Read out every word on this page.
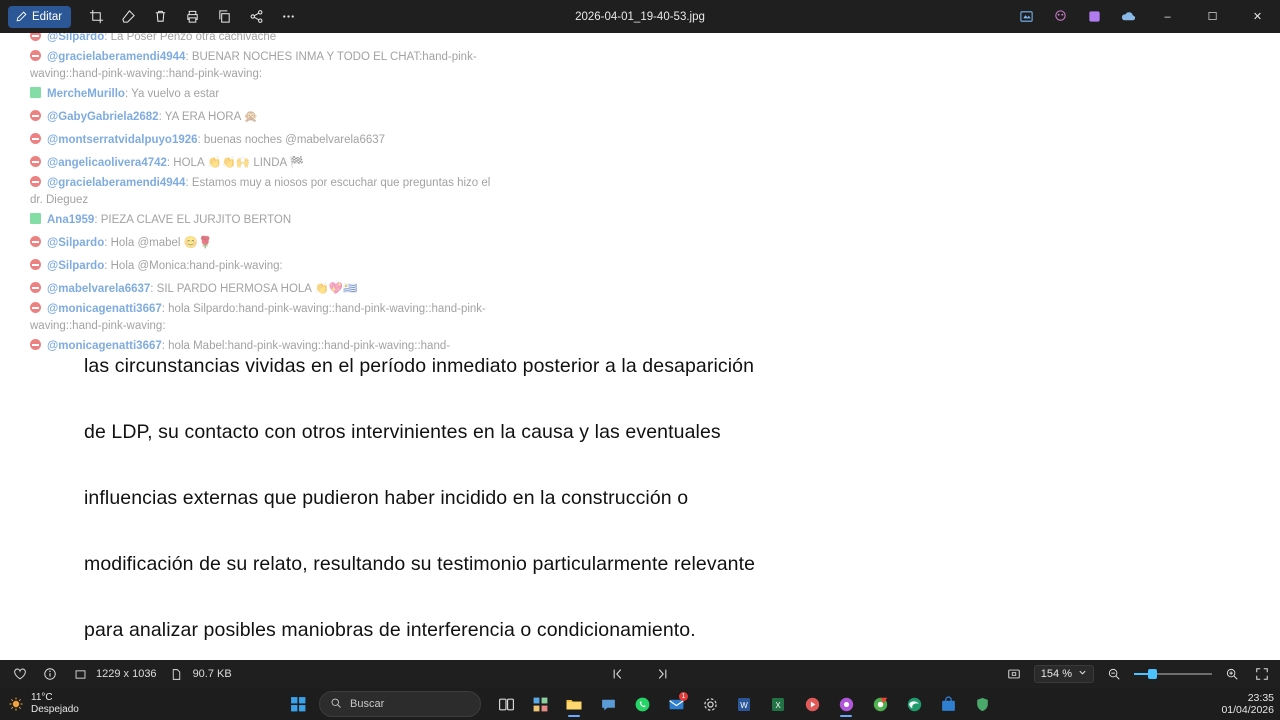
Editar	2026-04-01_19-40-53.jpg	–	☐	✕
@Silpardo: La Poser Penzo otra cachivache
@gracielaberamendi4944: BUENAR NOCHES INMA Y TODO EL CHAT:hand-pink-waving::hand-pink-waving::hand-pink-waving:
MercheMurillo: Ya vuelvo a estar
@GabyGabriela2682: YA ERA HORA 🙊
@montserratvidalpuyo1926: buenas noches @mabelvarela6637
@angelicaolivera4742: HOLA 👏👏🙌 LINDA 🏁
@gracielaberamendi4944: Estamos muy a niosos por escuchar que preguntas hizo el dr. Dieguez
Ana1959: PIEZA CLAVE EL JURJITO BERTON
@Silpardo: Hola @mabel 😊🌹
@Silpardo: Hola @Monica:hand-pink-waving:
@mabelvarela6637: SIL PARDO HERMOSA HOLA 👏💖🇺🇾
@monicagenatti3667: hola Silpardo:hand-pink-waving::hand-pink-waving::hand-pink-waving::hand-pink-waving:
@monicagenatti3667: hola Mabel:hand-pink-waving::hand-pink-waving::hand-

las circunstancias vividas en el período inmediato posterior a la desaparición

de LDP, su contacto con otros intervinientes en la causa y las eventuales

influencias externas que pudieron haber incidido en la construcción o

modificación de su relato, resultando su testimonio particularmente relevante

para analizar posibles maniobras de interferencia o condicionamiento.

1229 x 1036	90.7 KB	154 %
11°C
Despejado	Buscar
1
W	X
23:35
01/04/2026
